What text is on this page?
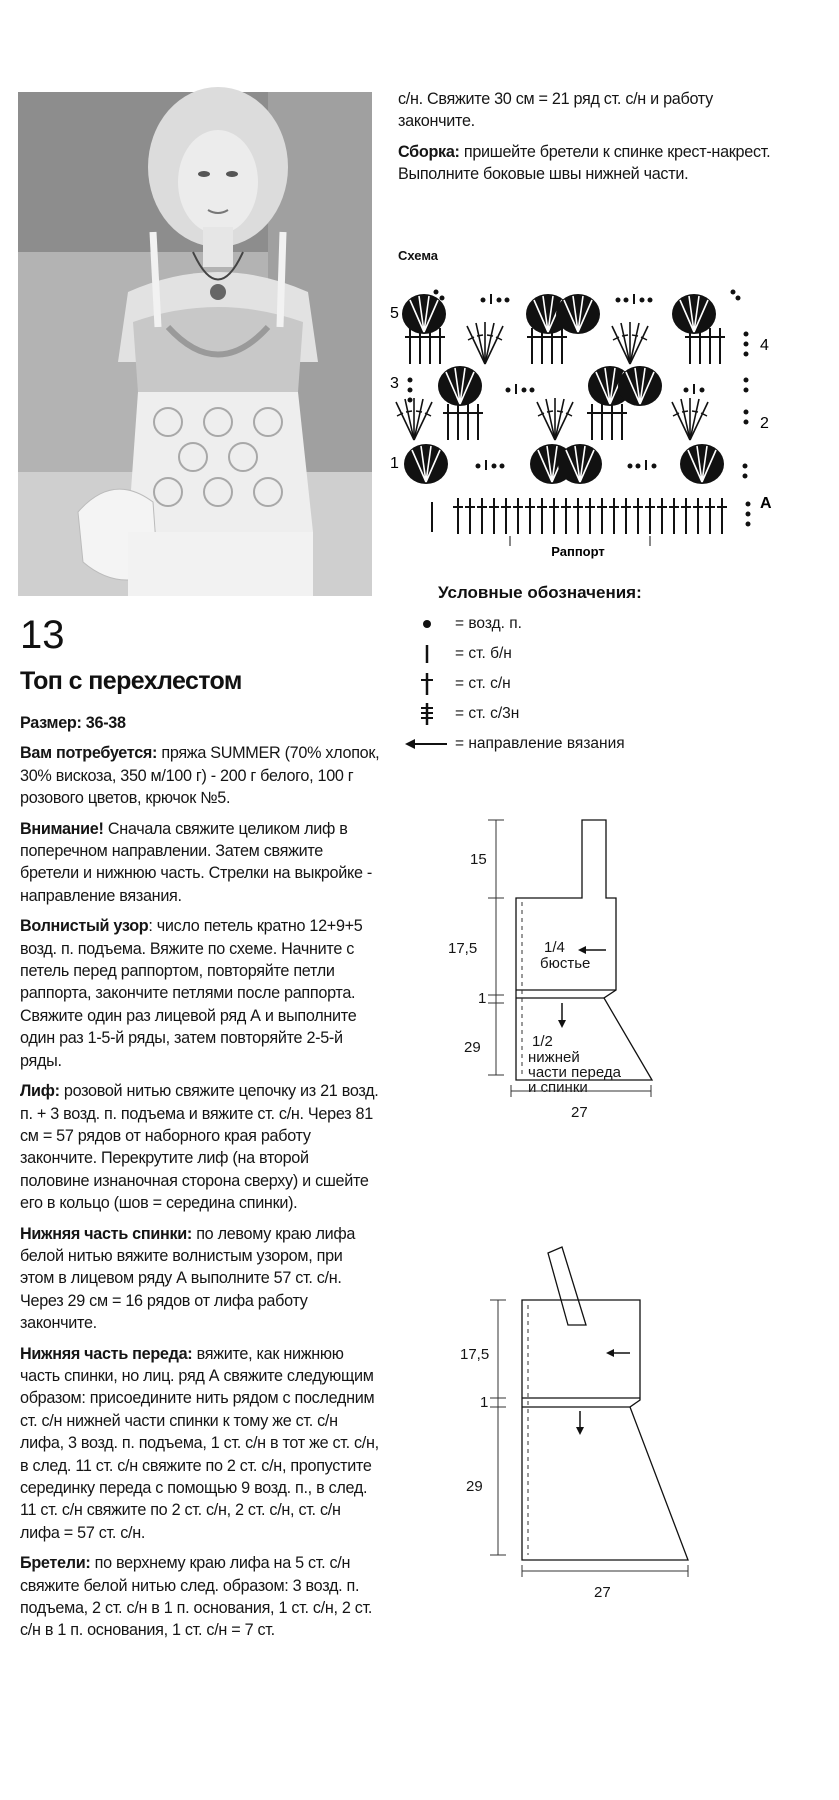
13
Топ с перехлестом

Размер: 36-38

Вам потребуется: пряжа SUMMER (70% хлопок, 30% вискоза, 350 м/100 г) - 200 г белого, 100 г розового цветов, крючок №5.

Внимание! Сначала свяжите целиком лиф в поперечном направлении. Затем свяжите бретели и нижнюю часть. Стрелки на выкройке - направление вязания.

Волнистый узор: число петель кратно 12+9+5 возд. п. подъема. Вяжите по схеме. Начните с петель перед раппортом, повторяйте петли раппорта, закончите петлями после раппорта. Свяжите один раз лицевой ряд А и выполните один раз 1-5-й ряды, затем повторяйте 2-5-й ряды.

Лиф: розовой нитью свяжите цепочку из 21 возд. п. + 3 возд. п. подъема и вяжите ст. с/н. Через 81 см = 57 рядов от наборного края работу закончите. Перекрутите лиф (на второй половине изнаночная сторона сверху) и сшейте его в кольцо (шов = середина спинки).

Нижняя часть спинки: по левому краю лифа белой нитью вяжите волнистым узором, при этом в лицевом ряду А выполните 57 ст. с/н. Через 29 см = 16 рядов от лифа работу закончите.

Нижняя часть переда: вяжите, как нижнюю часть спинки, но лиц. ряд А свяжите следующим образом: присоедините нить рядом с последним ст. с/н нижней части спинки к тому же ст. с/н лифа, 3 возд. п. подъема, 1 ст. с/н в тот же ст. с/н, в след. 11 ст. с/н свяжите по 2 ст. с/н, пропустите серединку переда с помощью 9 возд. п., в след. 11 ст. с/н свяжите по 2 ст. с/н, 2 ст. с/н, ст. с/н лифа = 57 ст. с/н.

Бретели: по верхнему краю лифа на 5 ст. с/н свяжите белой нитью след. образом: 3 возд. п. подъема, 2 ст. с/н в 1 п. основания, 1 ст. с/н, 2 ст. с/н в 1 п. основания, 1 ст. с/н = 7 ст.

с/н. Свяжите 30 см = 21 ряд ст. с/н и работу закончите.

Сборка: пришейте бретели к спинке крест-накрест. Выполните боковые швы нижней части.

Схема
5
3
1
4
2
A
Раппорт
Условные обозначения:
= возд. п.
= ст. б/н
= ст. с/н
= ст. с/3н
= направление вязания
15
17,5
1
29
1/4
бюстье
1/2
нижней
части переда
и спинки
27
17,5
1
29
27
